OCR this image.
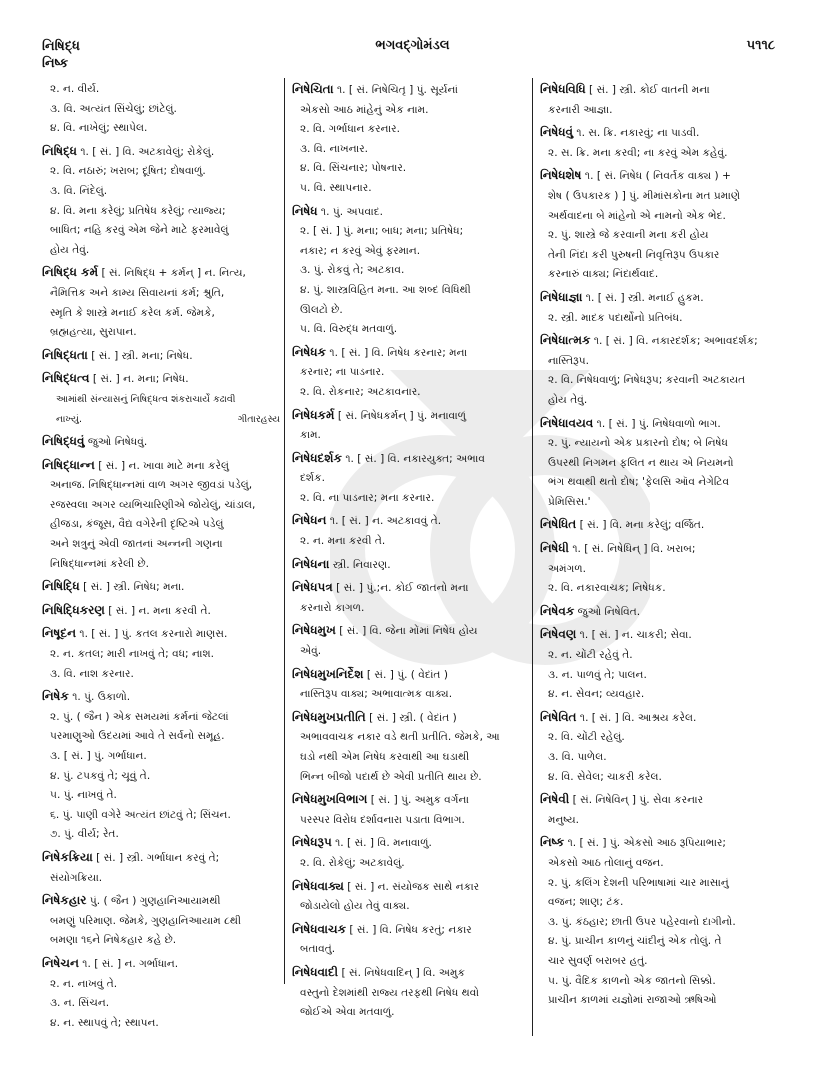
નિષિદ્ધ
નિષ્ક
ભગવદ્ગોમંડલ	૫૧૧૮
૨. ન. વીર્ય.
૩. વિ. અત્યંત સિંચેલું; છાંટેલું.
૪. વિ. નાખેલું; સ્થાપેલ.
નિષિદ્ધ ૧. [ સં. ] વિ. અટકાવેલું; રોકેલું.
૨. વિ. નઠારું; ખરાબ; દૂષિત; દોષવાળું.
૩. વિ. નિંદેલું.
૪. વિ. મના કરેલું; પ્રતિષેધ કરેલું; ત્યાજ્ય;
બાધિત; નહિ કરવું એમ જેને માટે ફરમાવેલું
હોય તેવું.
નિષિદ્ધ કર્મ [ સં. નિષિદ્ધ + કર્મન્ ] ન. નિત્ય,
નૈમિત્તિક અને કામ્ય સિવાયનાં કર્મ; શ્રુતિ,
સ્મૃતિ કે શાસ્ત્રે મનાઈ કરેલ કર્મ. જેમકે,
બ્રહ્મહત્યા, સુરાપાન.
નિષિદ્ધતા [ સં. ] સ્ત્રી. મના; નિષેધ.
નિષિદ્ધત્વ [ સં. ] ન. મના; નિષેધ.
આમાંથી સંન્યાસનું નિષિદ્ધત્વ શંકરાચાર્યે કઢાવી
નાખ્યું.	ગીતારહસ્ય
નિષિદ્ધવું જુઓ નિષેધવું.
નિષિદ્ધાન્ન [ સં. ] ન. ખાવા માટે મના કરેલું
અનાજ. નિષિદ્ધાન્નમાં વાળ અગર જીવડાં પડેલું,
રજસ્વલા અગર વ્યભિચારિણીએ જોયેલું, ચાંડાલ,
હીજડા, કંજૂસ, વૈદ્ય વગેરેની દૃષ્ટિએ પડેલું
અને શત્રુનું એવી જાતનાં અન્નની ગણના
નિષિદ્ધાન્નમાં કરેલી છે.
નિષિદ્ધિ [ સં. ] સ્ત્રી. નિષેધ; મના.
નિષિદ્ધિકરણ [ સં. ] ન. મના કરવી તે.
નિષૂદન ૧. [ સં. ] પું. કતલ કરનારો માણસ.
૨. ન. કતલ; મારી નાખવું તે; વધ; નાશ.
૩. વિ. નાશ કરનાર.
નિષેક ૧. પું. ઉકાળો.
૨. પું. ( જૈન ) એક સમયમાં કર્મનાં જેટલાં
પરમાણુઓ ઉદયમાં આવે તે સર્વનો સમૂહ.
૩. [ સં. ] પું. ગર્ભાધાન.
૪. પું. ટપકવું તે; ચૂવું તે.
૫. પું. નાખવું તે.
૬. પું. પાણી વગેરે અત્યંત છાંટવું તે; સિંચન.
૭. પું. વીર્ય; રેત.
નિષેકક્રિયા [ સં. ] સ્ત્રી. ગર્ભાધાન કરવું તે;
સંયોગક્રિયા.
નિષેકહાર પું. ( જૈન ) ગુણહાનિઆયામથી
બમણું પરિમાણ. જેમકે, ગુણહાનિઆયામ ૮થી
બમણા ૧૬ને નિષેકહાર કહે છે.
નિષેચન ૧. [ સં. ] ન. ગર્ભાધાન.
૨. ન. નાખવું તે.
૩. ન. સિંચન.
૪. ન. સ્થાપવું તે; સ્થાપન.
નિષેચિતા ૧. [ સં. નિષેચિતૃ ] પું. સૂર્યનાં
એકસો આઠ માંહેનું એક નામ.
૨. વિ. ગર્ભાધાન કરનાર.
૩. વિ. નાખનાર.
૪. વિ. સિંચનાર; પોષનાર.
૫. વિ. સ્થાપનાર.
નિષેધ ૧. પું. અપવાદ.
૨. [ સં. ] પું. મના; બાધ; મના; પ્રતિષેધ;
નકાર; ન કરવું એવું ફરમાન.
૩. પું. રોકવું તે; અટકાવ.
૪. પું. શાસ્ત્રવિહિત મના. આ શબ્દ વિધિથી
ઊલટો છે.
૫. વિ. વિરુદ્ધ મતવાળું.
નિષેધક ૧. [ સં. ] વિ. નિષેધ કરનાર; મના
કરનાર; ના પાડનાર.
૨. વિ. રોકનાર; અટકાવનાર.
નિષેધકર્મ [ સં. નિષેધકર્મન્ ] પું. મનાવાળું
કામ.
નિષેધદર્શક ૧. [ સં. ] વિ. નકારયુક્ત; અભાવ
દર્શક.
૨. વિ. ના પાડનાર; મના કરનાર.
નિષેધન ૧. [ સં. ] ન. અટકાવવું તે.
૨. ન. મના કરવી તે.
નિષેધના સ્ત્રી. નિવારણ.
નિષેધપત્ર [ સં. ] પું.;ન. કોઈ જાતનો મના
કરનારો કાગળ.
નિષેધમુખ [ સં. ] વિ. જેના મોંમાં નિષેધ હોય
એવું.
નિષેધમુખનિર્દેશ [ સં. ] પું. ( વેદાંત )
નાસ્તિરૂપ વાક્ય; અભાવાત્મક વાક્ય.
નિષેધમુખપ્રતીતિ [ સં. ] સ્ત્રી. ( વેદાંત )
અભાવવાચક નકાર વડે થતી પ્રતીતિ. જેમકે, આ
ઘડો નથી એમ નિષેધ કરવાથી આ ઘડાથી
ભિન્ન બીજો પદાર્થ છે એવી પ્રતીતિ થાય છે.
નિષેધમુખવિભાગ [ સં. ] પું. અમુક વર્ગના
પરસ્પર વિરોધ દર્શાવનારા પડાતા વિભાગ.
નિષેધરૂપ ૧. [ સં. ] વિ. મનાવાળું.
૨. વિ. રોકેલું; અટકાવેલું.
નિષેધવાક્ય [ સં. ] ન. સંયોજક સાથે નકાર
જોડાયેલો હોય તેવું વાક્ય.
નિષેધવાચક [ સં. ] વિ. નિષેધ કરતું; નકાર
બતાવતું.
નિષેધવાદી [ સં. નિષેધવાદિન્ ] વિ. અમુક
વસ્તુનો દેશમાંથી રાજ્ય તરફથી નિષેધ થવો
જોઈએ એવા મતવાળું.
નિષેધવિધિ [ સં. ] સ્ત્રી. કોઈ વાતની મના
કરનારી આજ્ઞા.
નિષેધવું ૧. સ. ક્રિ. નકારવું; ના પાડવી.
૨. સ. ક્રિ. મના કરવી; ના કરવું એમ કહેવું.
નિષેધશેષ ૧. [ સં. નિષેધ ( નિવર્તક વાક્ય ) +
શેષ ( ઉપકારક ) ] પું. મીમાંસકોના મત પ્રમાણે
અર્થવાદના બે માંહેનો એ નામનો એક ભેદ.
૨. પું. શાસ્ત્રે જે કરવાની મના કરી હોય
તેની નિંદા કરી પુરુષની નિવૃત્તિરૂપ ઉપકાર
કરનારું વાક્ય; નિંદાર્થવાદ.
નિષેધાજ્ઞા ૧. [ સં. ] સ્ત્રી. મનાઈ હુકમ.
૨. સ્ત્રી. માદક પદાર્થોનો પ્રતિબંધ.
નિષેધાત્મક ૧. [ સં. ] વિ. નકારદર્શક; અભાવદર્શક;
નાસ્તિરૂપ.
૨. વિ. નિષેધવાળું; નિષેધરૂપ; કરવાની અટકાયત
હોય તેવું.
નિષેધાવયવ ૧. [ સં. ] પું. નિષેધવાળો ભાગ.
૨. પું. ન્યાયનો એક પ્રકારનો દોષ; બે નિષેધ
ઉપરથી નિગમન ફલિત ન થાય એ નિયમનો
ભંગ થવાથી થતો દોષ; 'ફેલસિ ઑવ નેગેટિવ
પ્રેમિસિસ.'
નિષેધિત [ સં. ] વિ. મના કરેલું; વર્જિત.
નિષેધી ૧. [ સં. નિષેધિન્ ] વિ. ખરાબ;
અમંગળ.
૨. વિ. નકારવાચક; નિષેધક.
નિષેવક જુઓ નિષેવિત.
નિષેવણ ૧. [ સં. ] ન. ચાકરી; સેવા.
૨. ન. ચોંટી રહેવું તે.
૩. ન. પાળવું તે; પાલન.
૪. ન. સેવન; વ્યવહાર.
નિષેવિત ૧. [ સં. ] વિ. આશ્રય કરેલ.
૨. વિ. ચોંટી રહેલું.
૩. વિ. પાળેલ.
૪. વિ. સેવેલ; ચાકરી કરેલ.
નિષેવી [ સં. નિષેવિન્ ] પું. સેવા કરનાર
મનુષ્ય.
નિષ્ક ૧. [ સં. ] પું. એકસો આઠ રૂપિયાભાર;
એકસો આઠ તોલાનું વજન.
૨. પું. કલિંગ દેશની પરિભાષામાં ચાર માસાનું
વજન; શાણ; ટંક.
૩. પું. કંઠહાર; છાતી ઉપર પહેરવાનો દાગીનો.
૪. પું. પ્રાચીન કાળનું ચાંદીનું એક તોલું. તે
ચાર સુવર્ણ બરાબર હતું.
૫. પું. વૈદિક કાળનો એક જાતનો સિક્કો.
પ્રાચીન કાળમાં યજ્ઞોમાં રાજાઓ ઋષિઓ
